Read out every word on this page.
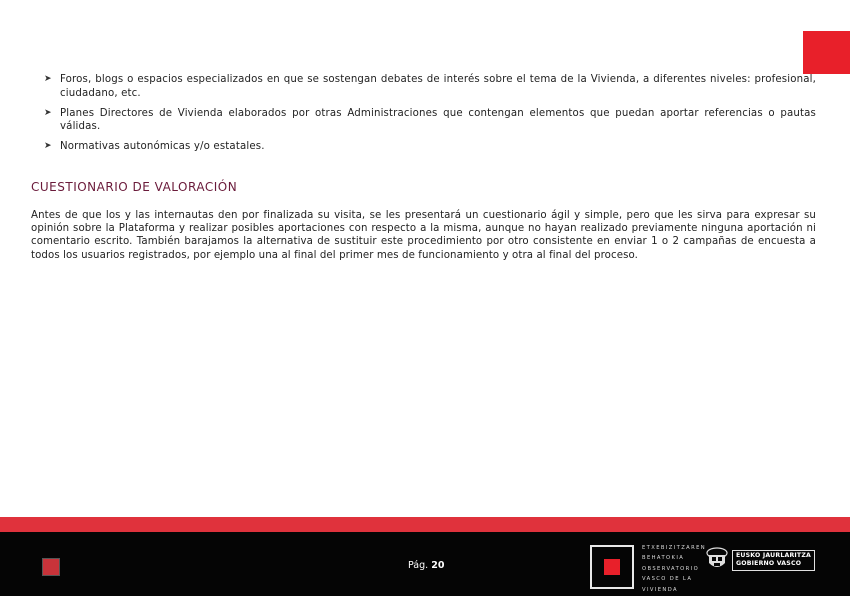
➤ Foros, blogs o espacios especializados en que se sostengan debates de interés sobre el tema de la Vivienda, a diferentes niveles: profesional, ciudadano, etc.
➤ Planes Directores de Vivienda elaborados por otras Administraciones que contengan elementos que puedan aportar referencias o pautas válidas.
➤ Normativas autonómicas y/o estatales.
CUESTIONARIO DE VALORACIÓN

Antes de que los y las internautas den por finalizada su visita, se les presentará un cuestionario ágil y simple, pero que les sirva para expresar su opinión sobre la Plataforma y realizar posibles aportaciones con respecto a la misma, aunque no hayan realizado previamente ninguna aportación ni comentario escrito. También barajamos la alternativa de sustituir este procedimiento por otro consistente en enviar 1 o 2 campañas de encuesta a todos los usuarios registrados, por ejemplo una al final del primer mes de funcionamiento y otra al final del proceso.

Pág. 20
ETXEBIZITZAREN
BEHATOKIA
OBSERVATORIO
VASCO DE LA
VIVIENDA
EUSKO JAURLARITZA
GOBIERNO VASCO
